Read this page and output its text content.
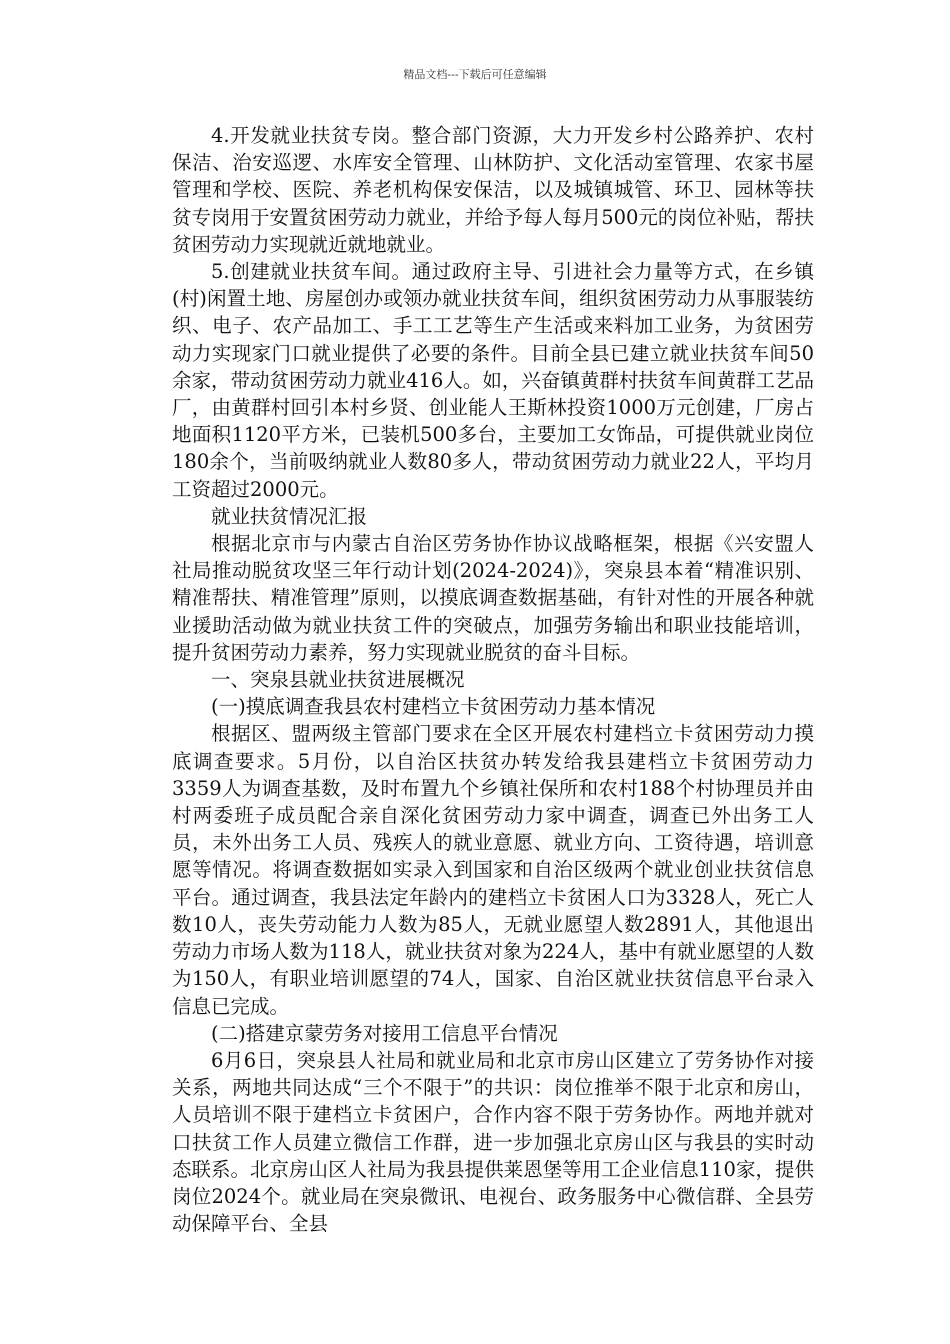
精品文档---下载后可任意编辑

4.开发就业扶贫专岗。整合部门资源，大力开发乡村公路养护、农村保洁、治安巡逻、水库安全管理、山林防护、文化活动室管理、农家书屋管理和学校、医院、养老机构保安保洁，以及城镇城管、环卫、园林等扶贫专岗用于安置贫困劳动力就业，并给予每人每月500元的岗位补贴，帮扶贫困劳动力实现就近就地就业。

5.创建就业扶贫车间。通过政府主导、引进社会力量等方式，在乡镇(村)闲置土地、房屋创办或领办就业扶贫车间，组织贫困劳动力从事服装纺织、电子、农产品加工、手工工艺等生产生活或来料加工业务，为贫困劳动力实现家门口就业提供了必要的条件。目前全县已建立就业扶贫车间50余家，带动贫困劳动力就业416人。如，兴奋镇黄群村扶贫车间黄群工艺品厂，由黄群村回引本村乡贤、创业能人王斯林投资1000万元创建，厂房占地面积1120平方米，已装机500多台，主要加工女饰品，可提供就业岗位180余个，当前吸纳就业人数80多人，带动贫困劳动力就业22人，平均月工资超过2000元。

就业扶贫情况汇报

根据北京市与内蒙古自治区劳务协作协议战略框架，根据《兴安盟人社局推动脱贫攻坚三年行动计划(2024-2024)》，突泉县本着“精准识别、精准帮扶、精准管理”原则，以摸底调查数据基础，有针对性的开展各种就业援助活动做为就业扶贫工件的突破点，加强劳务输出和职业技能培训，提升贫困劳动力素养，努力实现就业脱贫的奋斗目标。

一、突泉县就业扶贫进展概况

(一)摸底调查我县农村建档立卡贫困劳动力基本情况

根据区、盟两级主管部门要求在全区开展农村建档立卡贫困劳动力摸底调查要求。5月份，以自治区扶贫办转发给我县建档立卡贫困劳动力3359人为调查基数，及时布置九个乡镇社保所和农村188个村协理员并由村两委班子成员配合亲自深化贫困劳动力家中调查，调查已外出务工人员，未外出务工人员、残疾人的就业意愿、就业方向、工资待遇，培训意愿等情况。将调查数据如实录入到国家和自治区级两个就业创业扶贫信息平台。通过调查，我县法定年龄内的建档立卡贫困人口为3328人，死亡人数10人，丧失劳动能力人数为85人，无就业愿望人数2891人，其他退出劳动力市场人数为118人，就业扶贫对象为224人，基中有就业愿望的人数为150人，有职业培训愿望的74人，国家、自治区就业扶贫信息平台录入信息已完成。

(二)搭建京蒙劳务对接用工信息平台情况

6月6日，突泉县人社局和就业局和北京市房山区建立了劳务协作对接关系，两地共同达成“三个不限于”的共识：岗位推举不限于北京和房山，人员培训不限于建档立卡贫困户，合作内容不限于劳务协作。两地并就对口扶贫工作人员建立微信工作群，进一步加强北京房山区与我县的实时动态联系。北京房山区人社局为我县提供莱恩堡等用工企业信息110家，提供岗位2024个。就业局在突泉微讯、电视台、政务服务中心微信群、全县劳动保障平台、全县
